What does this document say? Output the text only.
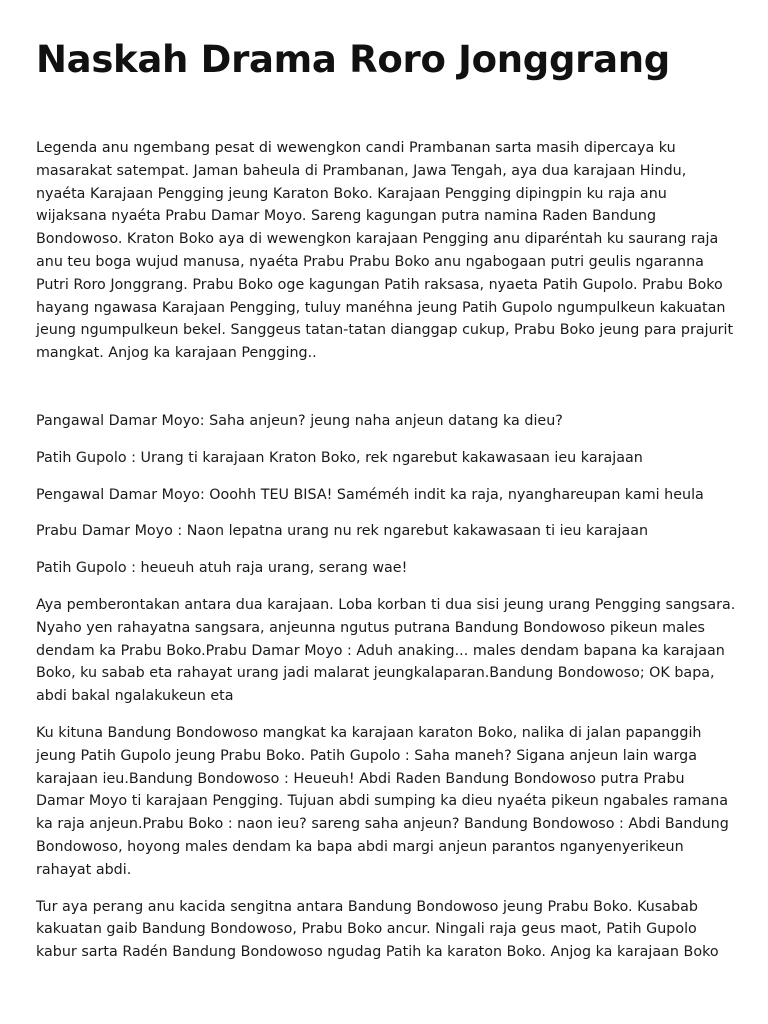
Naskah Drama Roro Jonggrang

Legenda anu ngembang pesat di wewengkon candi Prambanan sarta masih dipercaya ku masarakat satempat. Jaman baheula di Prambanan, Jawa Tengah, aya dua karajaan Hindu, nyaéta Karajaan Pengging jeung Karaton Boko. Karajaan Pengging dipingpin ku raja anu wijaksana nyaéta Prabu Damar Moyo. Sareng kagungan putra namina Raden Bandung Bondowoso. Kraton Boko aya di wewengkon karajaan Pengging anu diparéntah ku saurang raja anu teu boga wujud manusa, nyaéta Prabu Prabu Boko anu ngabogaan putri geulis ngaranna Putri Roro Jonggrang. Prabu Boko oge kagungan Patih raksasa, nyaeta Patih Gupolo. Prabu Boko hayang ngawasa Karajaan Pengging, tuluy manéhna jeung Patih Gupolo ngumpulkeun kakuatan jeung ngumpulkeun bekel. Sanggeus tatan-tatan dianggap cukup, Prabu Boko jeung para prajurit mangkat. Anjog ka karajaan Pengging..

Pangawal Damar Moyo: Saha anjeun? jeung naha anjeun datang ka dieu?

Patih Gupolo : Urang ti karajaan Kraton Boko, rek ngarebut kakawasaan ieu karajaan

Pengawal Damar Moyo: Ooohh TEU BISA! Saméméh indit ka raja, nyanghareupan kami heula

Prabu Damar Moyo : Naon lepatna urang nu rek ngarebut kakawasaan ti ieu karajaan

Patih Gupolo : heueuh atuh raja urang, serang wae!

Aya pemberontakan antara dua karajaan. Loba korban ti dua sisi jeung urang Pengging sangsara. Nyaho yen rahayatna sangsara, anjeunna ngutus putrana Bandung Bondowoso pikeun males dendam ka Prabu Boko.Prabu Damar Moyo : Aduh anaking... males dendam bapana ka karajaan Boko, ku sabab eta rahayat urang jadi malarat jeungkalaparan.Bandung Bondowoso; OK bapa, abdi bakal ngalakukeun eta

Ku kituna Bandung Bondowoso mangkat ka karajaan karaton Boko, nalika di jalan papanggih jeung Patih Gupolo jeung Prabu Boko. Patih Gupolo : Saha maneh? Sigana anjeun lain warga karajaan ieu.Bandung Bondowoso : Heueuh! Abdi Raden Bandung Bondowoso putra Prabu Damar Moyo ti karajaan Pengging. Tujuan abdi sumping ka dieu nyaéta pikeun ngabales ramana ka raja anjeun.Prabu Boko : naon ieu? sareng saha anjeun? Bandung Bondowoso : Abdi Bandung Bondowoso, hoyong males dendam ka bapa abdi margi anjeun parantos nganyenyerikeun rahayat abdi.

Tur aya perang anu kacida sengitna antara Bandung Bondowoso jeung Prabu Boko. Kusabab kakuatan gaib Bandung Bondowoso, Prabu Boko ancur. Ningali raja geus maot, Patih Gupolo kabur sarta Radén Bandung Bondowoso ngudag Patih ka karaton Boko. Anjog ka karajaan Boko
